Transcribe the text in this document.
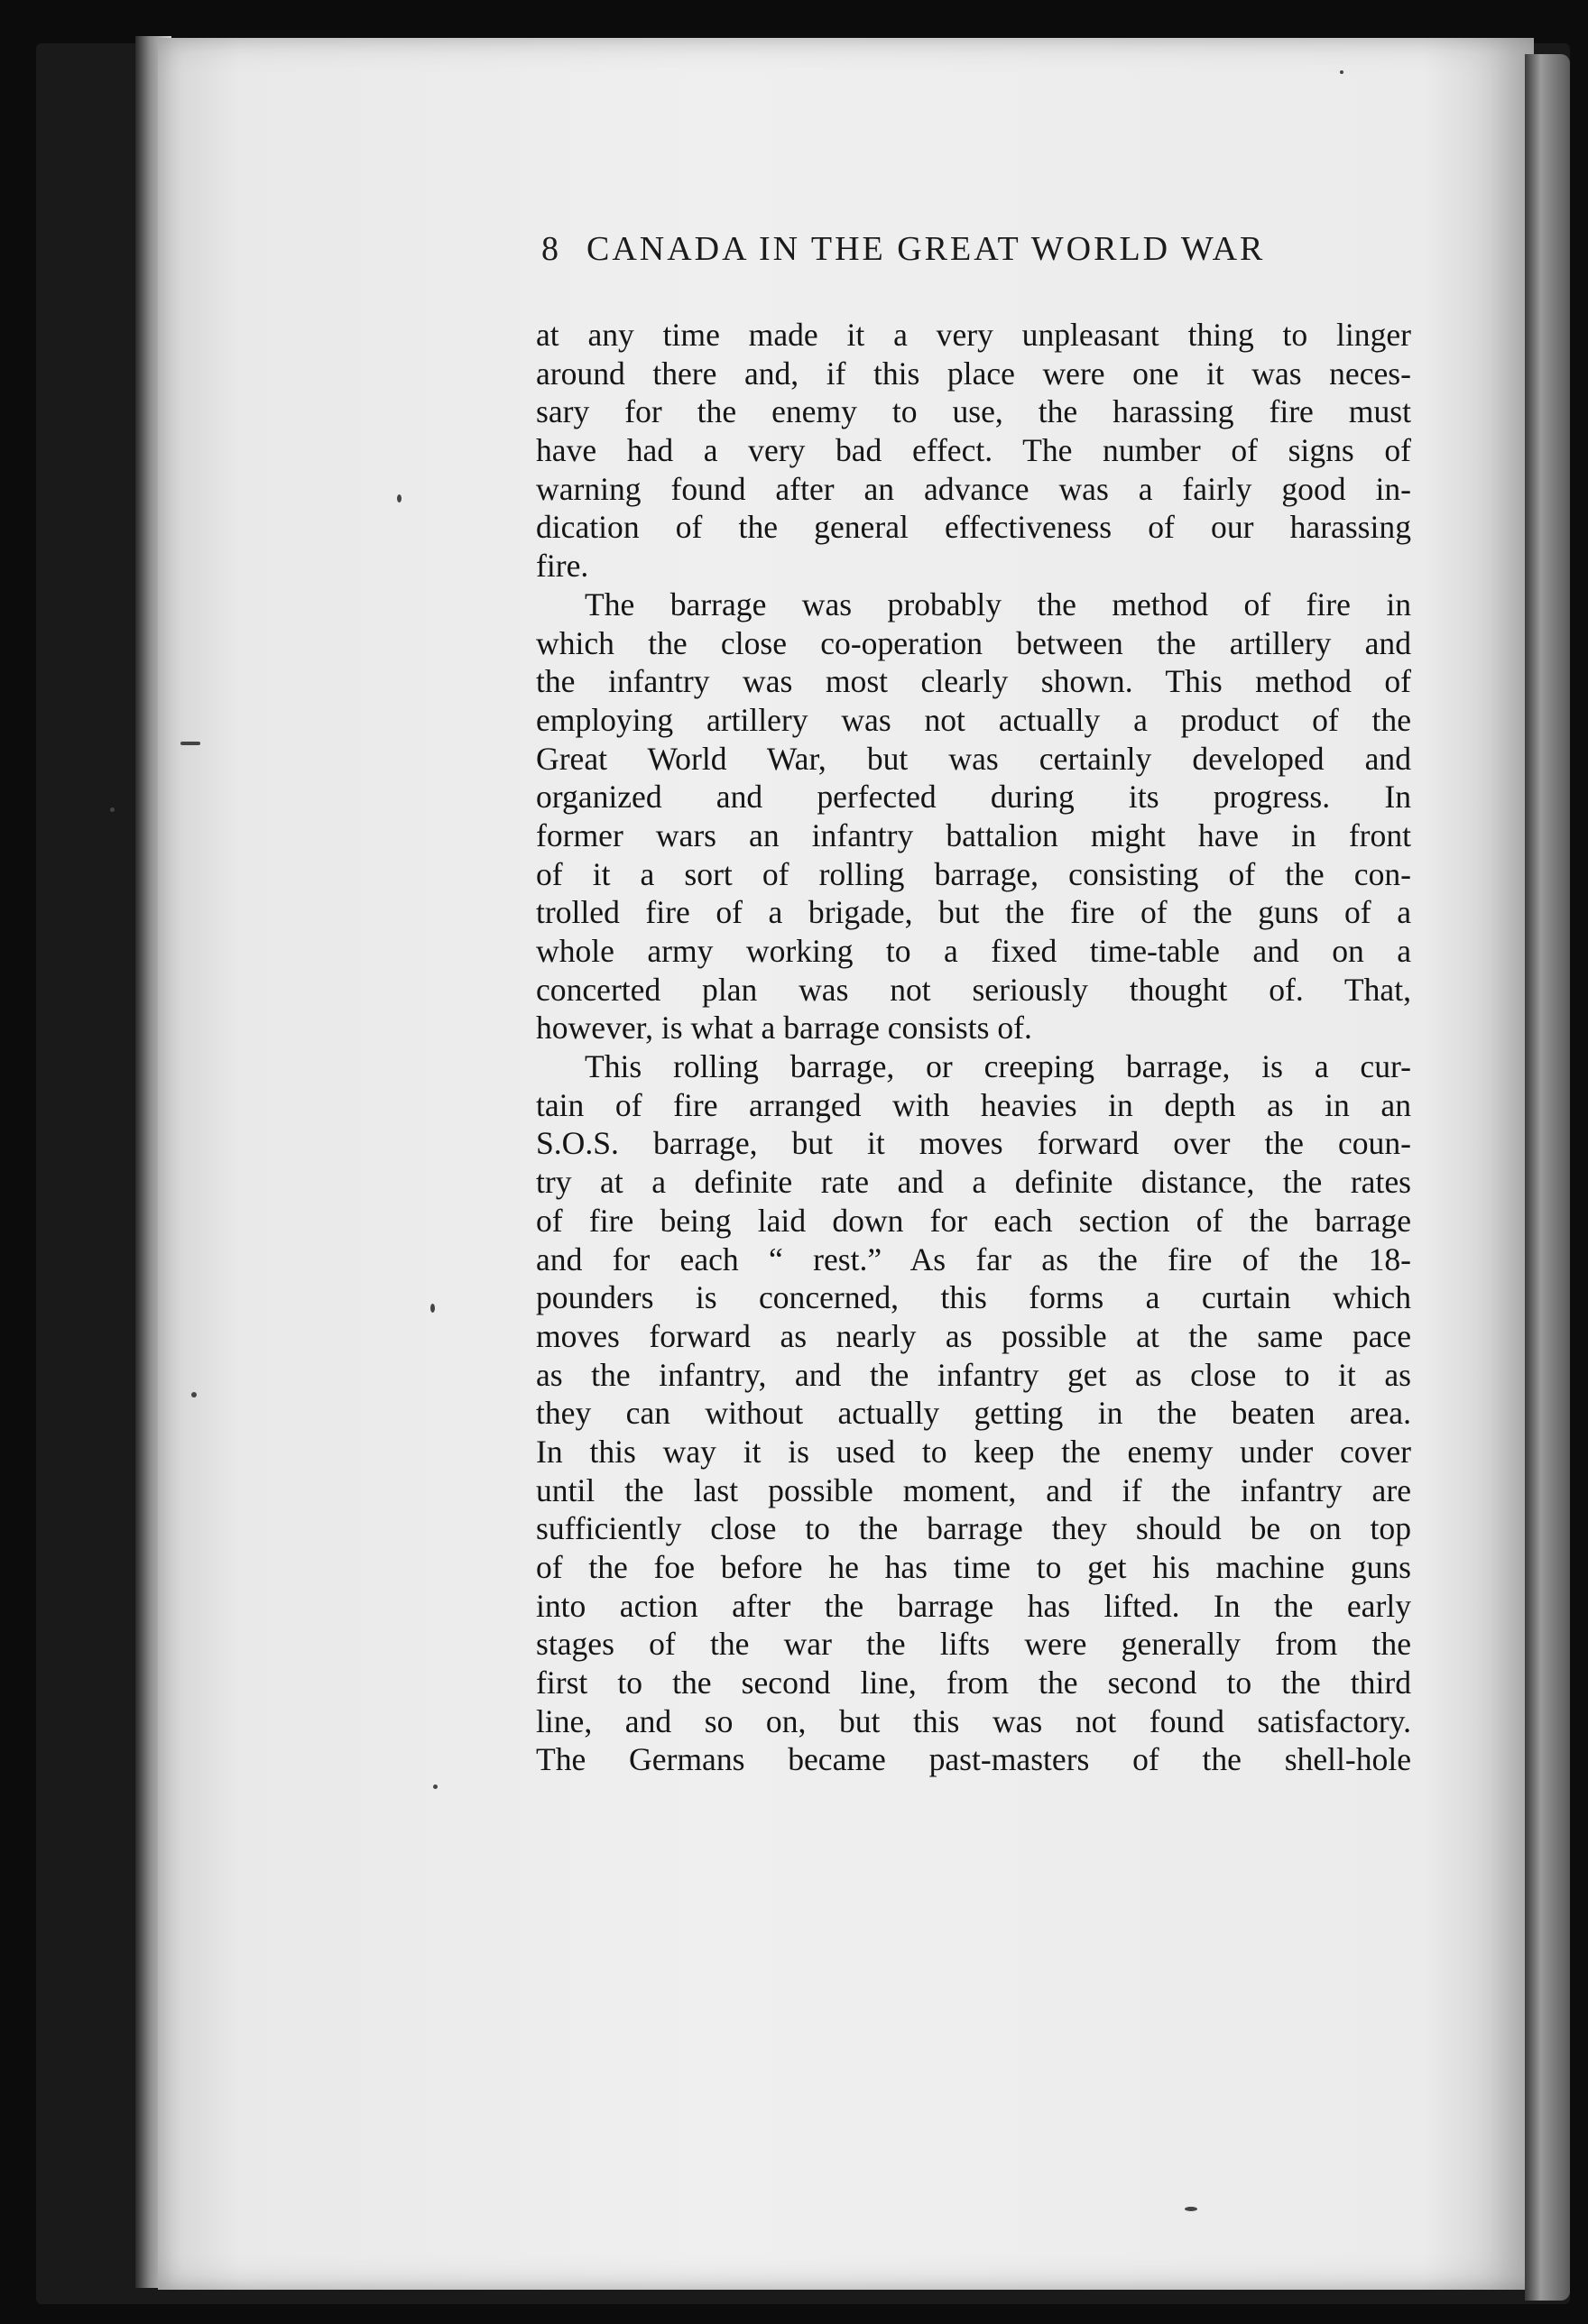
8 CANADA IN THE GREAT WORLD WAR
at any time made it a very unpleasant thing to linger
around there and, if this place were one it was neces-
sary for the enemy to use, the harassing fire must
have had a very bad effect. The number of signs of
warning found after an advance was a fairly good in-
dication of the general effectiveness of our harassing
fire.
The barrage was probably the method of fire in
which the close co-operation between the artillery and
the infantry was most clearly shown. This method of
employing artillery was not actually a product of the
Great World War, but was certainly developed and
organized and perfected during its progress. In
former wars an infantry battalion might have in front
of it a sort of rolling barrage, consisting of the con-
trolled fire of a brigade, but the fire of the guns of a
whole army working to a fixed time-table and on a
concerted plan was not seriously thought of. That,
however, is what a barrage consists of.
This rolling barrage, or creeping barrage, is a cur-
tain of fire arranged with heavies in depth as in an
S.O.S. barrage, but it moves forward over the coun-
try at a definite rate and a definite distance, the rates
of fire being laid down for each section of the barrage
and for each “ rest.” As far as the fire of the 18-
pounders is concerned, this forms a curtain which
moves forward as nearly as possible at the same pace
as the infantry, and the infantry get as close to it as
they can without actually getting in the beaten area.
In this way it is used to keep the enemy under cover
until the last possible moment, and if the infantry are
sufficiently close to the barrage they should be on top
of the foe before he has time to get his machine guns
into action after the barrage has lifted. In the early
stages of the war the lifts were generally from the
first to the second line, from the second to the third
line, and so on, but this was not found satisfactory.
The Germans became past-masters of the shell-hole
